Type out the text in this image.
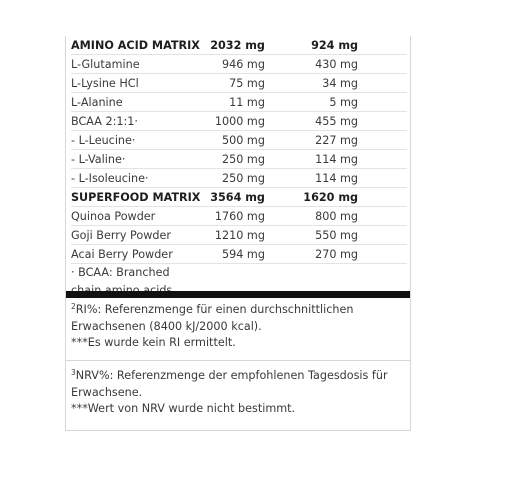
AMINO ACID MATRIX	2032 mg	924 mg
L-Glutamine	946 mg	430 mg
L-Lysine HCl	75 mg	34 mg
L-Alanine	11 mg	5 mg
BCAA 2:1:1·	1000 mg	455 mg
- L-Leucine·	500 mg	227 mg
- L-Valine·	250 mg	114 mg
- L-Isoleucine·	250 mg	114 mg
SUPERFOOD MATRIX	3564 mg	1620 mg
Quinoa Powder	1760 mg	800 mg
Goji Berry Powder	1210 mg	550 mg
Acai Berry Powder	594 mg	270 mg

· BCAA: Branched		
$^2$RI%: Referenzmenge für einen durchschnittlichen Erwachsenen (8400 kJ/2000 kcal).
***Es wurde kein RI ermittelt.
$^3$NRV%: Referenzmenge der empfohlenen Tagesdosis für Erwachsene.
***Wert von NRV wurde nicht bestimmt.
